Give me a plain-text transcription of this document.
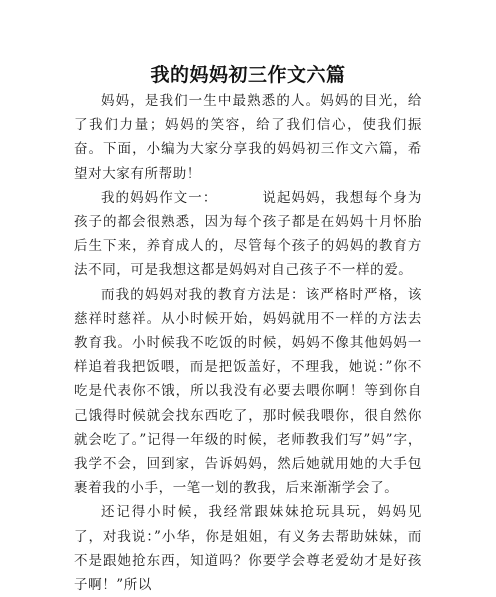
我的妈妈初三作文六篇

妈妈，是我们一生中最熟悉的人。妈妈的目光，给了我们力量；妈妈的笑容，给了我们信心，使我们振奋。下面，小编为大家分享我的妈妈初三作文六篇，希望对大家有所帮助！

我的妈妈作文一：	说起妈妈，我想每个身为孩子的都会很熟悉，因为每个孩子都是在妈妈十月怀胎后生下来，养育成人的，尽管每个孩子的妈妈的教育方法不同，可是我想这都是妈妈对自己孩子不一样的爱。

而我的妈妈对我的教育方法是：该严格时严格，该慈祥时慈祥。从小时候开始，妈妈就用不一样的方法去教育我。小时候我不吃饭的时候，妈妈不像其他妈妈一样追着我把饭喂，而是把饭盖好，不理我，她说：”你不吃是代表你不饿，所以我没有必要去喂你啊！等到你自己饿得时候就会找东西吃了，那时候我喂你，很自然你就会吃了。”记得一年级的时候，老师教我们写”妈”字，我学不会，回到家，告诉妈妈，然后她就用她的大手包裹着我的小手，一笔一划的教我，后来渐渐学会了。

还记得小时候，我经常跟妹妹抢玩具玩，妈妈见了，对我说：”小华，你是姐姐，有义务去帮助妹妹，而不是跟她抢东西，知道吗？你要学会尊老爱幼才是好孩子啊！”所以
